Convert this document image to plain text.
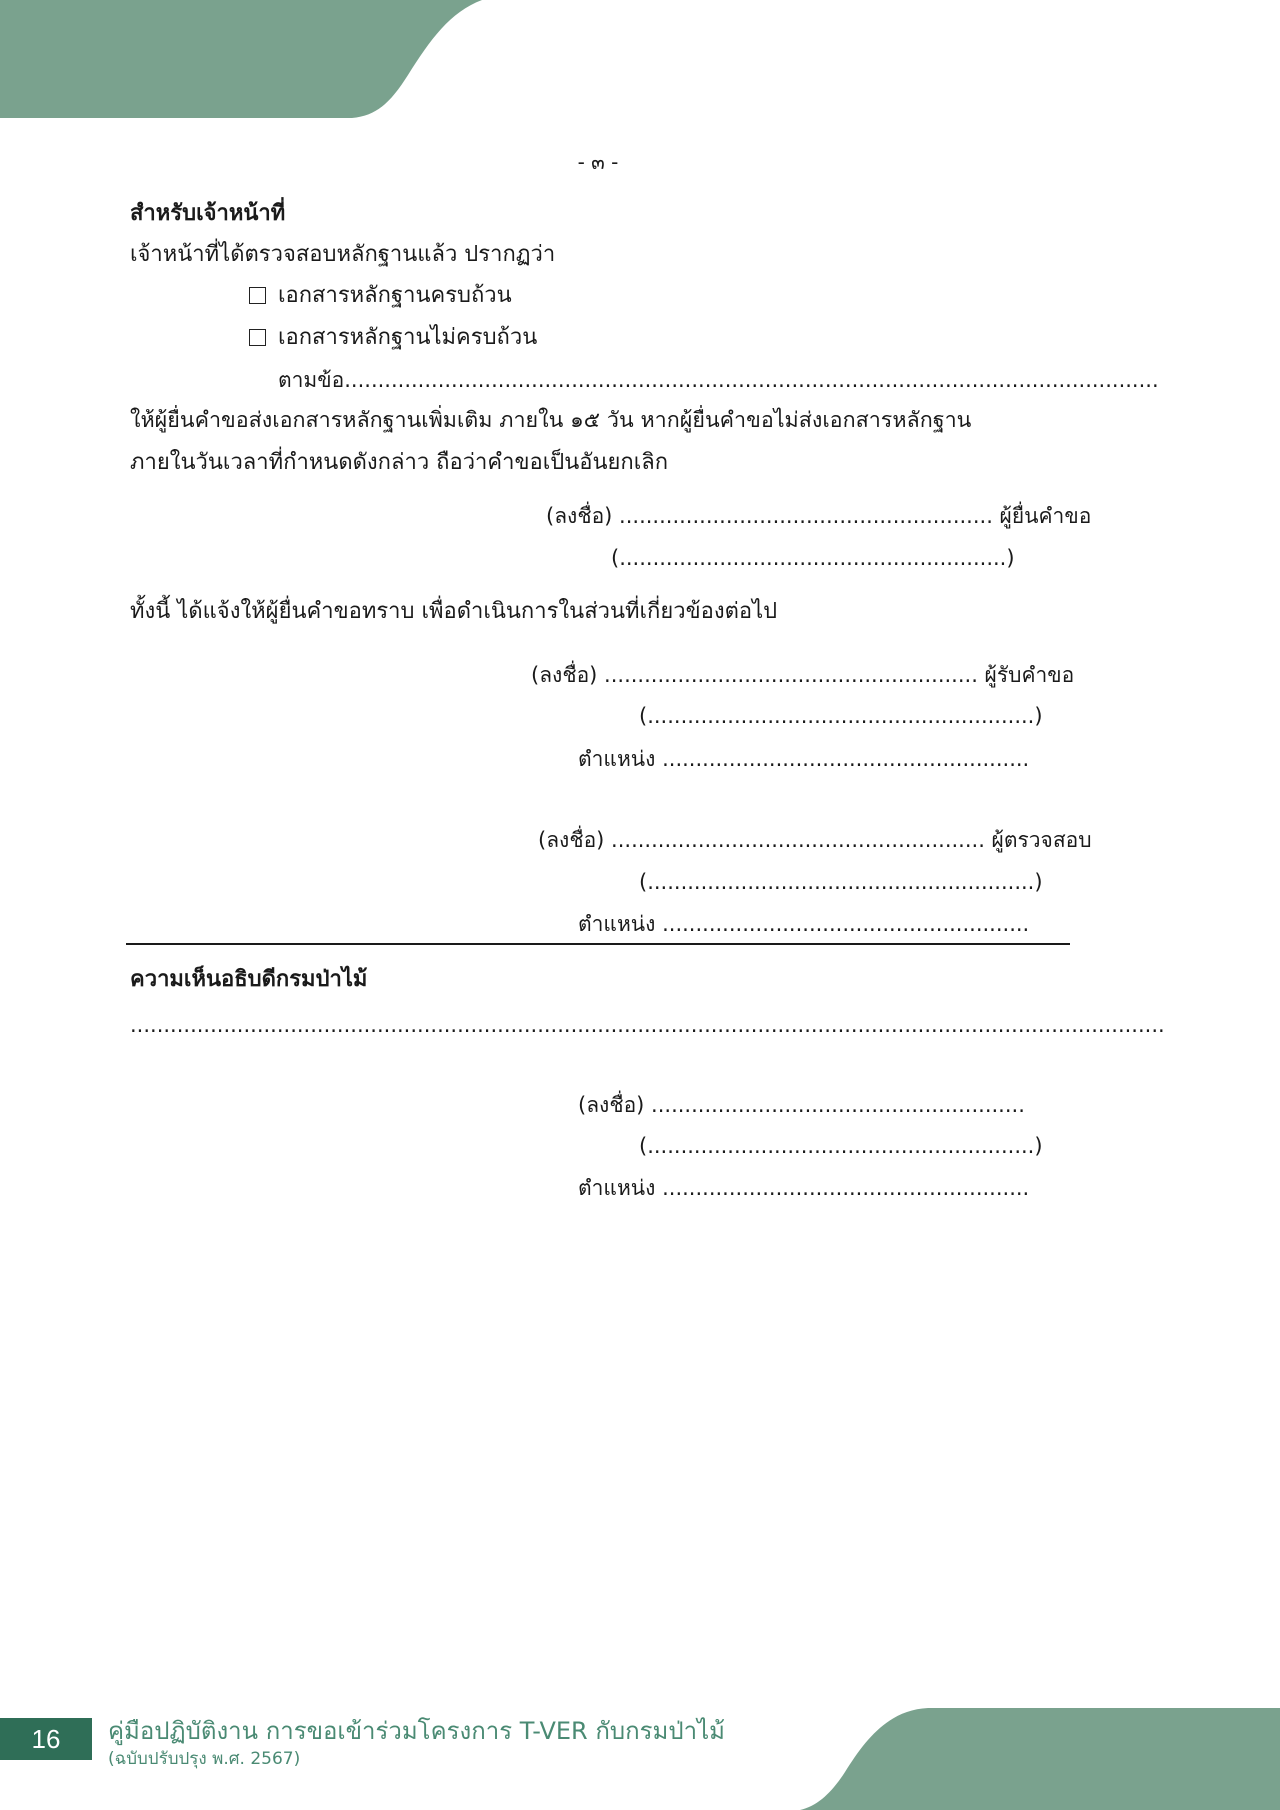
- ๓ -
สำหรับเจ้าหน้าที่
เจ้าหน้าที่ได้ตรวจสอบหลักฐานแล้ว ปรากฏว่า
เอกสารหลักฐานครบถ้วน
เอกสารหลักฐานไม่ครบถ้วน
ตามข้อ..........................................................................................................................
ให้ผู้ยื่นคำขอส่งเอกสารหลักฐานเพิ่มเติม ภายใน ๑๕ วัน หากผู้ยื่นคำขอไม่ส่งเอกสารหลักฐาน
ภายในวันเวลาที่กำหนดดังกล่าว ถือว่าคำขอเป็นอันยกเลิก
(ลงชื่อ) ........................................................ ผู้ยื่นคำขอ
(..........................................................)
ทั้งนี้ ได้แจ้งให้ผู้ยื่นคำขอทราบ เพื่อดำเนินการในส่วนที่เกี่ยวข้องต่อไป
(ลงชื่อ) ........................................................ ผู้รับคำขอ
(..........................................................)
ตำแหน่ง .......................................................
(ลงชื่อ) ........................................................ ผู้ตรวจสอบ
(..........................................................)
ตำแหน่ง .......................................................
ความเห็นอธิบดีกรมป่าไม้
...........................................................................................................................................................
(ลงชื่อ) ........................................................
(..........................................................)
ตำแหน่ง .......................................................
16	คู่มือปฏิบัติงาน การขอเข้าร่วมโครงการ T-VER กับกรมป่าไม้
(ฉบับปรับปรุง พ.ศ. 2567)
